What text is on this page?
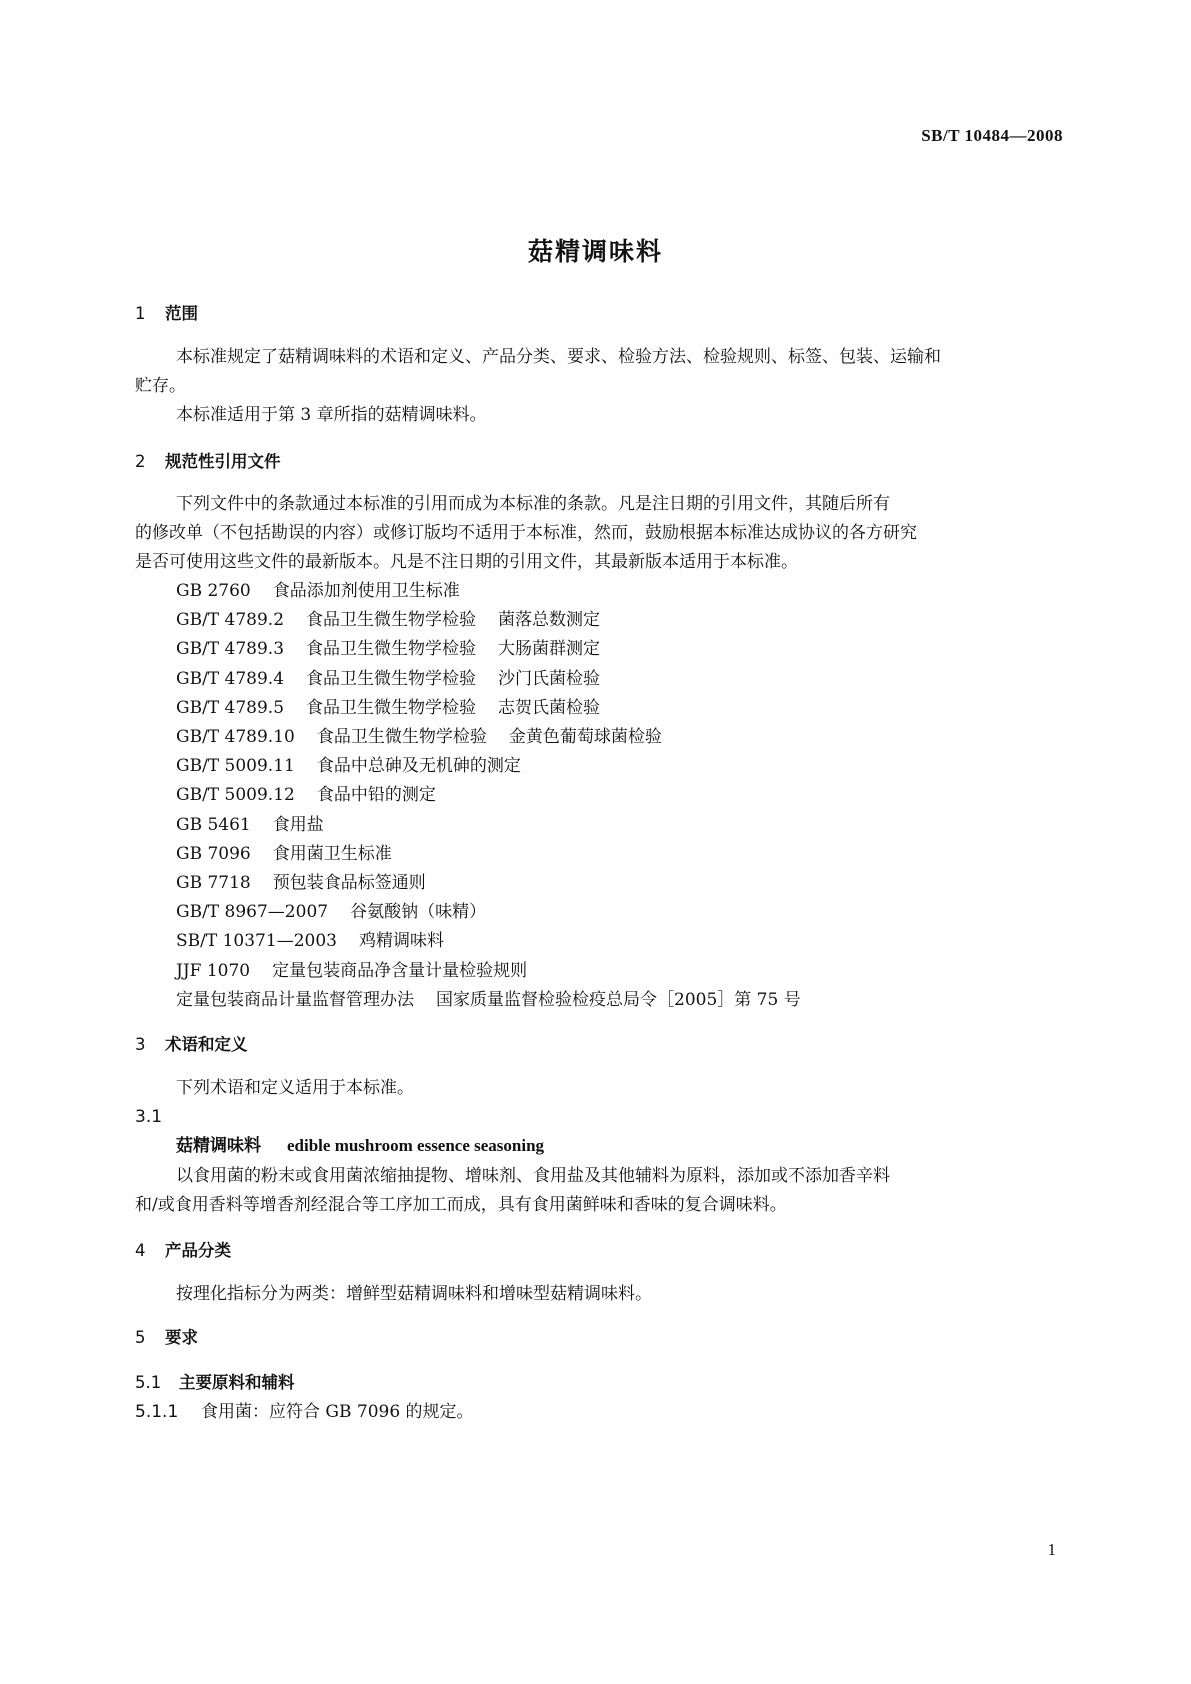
SB/T 10484—2008
菇精调味料
1 范围
本标准规定了菇精调味料的术语和定义、产品分类、要求、检验方法、检验规则、标签、包装、运输和
贮存。
本标准适用于第 3 章所指的菇精调味料。
2 规范性引用文件
下列文件中的条款通过本标准的引用而成为本标准的条款。凡是注日期的引用文件，其随后所有
的修改单（不包括勘误的内容）或修订版均不适用于本标准，然而，鼓励根据本标准达成协议的各方研究
是否可使用这些文件的最新版本。凡是不注日期的引用文件，其最新版本适用于本标准。
GB 2760 食品添加剂使用卫生标准
GB/T 4789.2 食品卫生微生物学检验 菌落总数测定
GB/T 4789.3 食品卫生微生物学检验 大肠菌群测定
GB/T 4789.4 食品卫生微生物学检验 沙门氏菌检验
GB/T 4789.5 食品卫生微生物学检验 志贺氏菌检验
GB/T 4789.10 食品卫生微生物学检验 金黄色葡萄球菌检验
GB/T 5009.11 食品中总砷及无机砷的测定
GB/T 5009.12 食品中铅的测定
GB 5461 食用盐
GB 7096 食用菌卫生标准
GB 7718 预包装食品标签通则
GB/T 8967—2007 谷氨酸钠（味精）
SB/T 10371—2003 鸡精调味料
JJF 1070 定量包装商品净含量计量检验规则
定量包装商品计量监督管理办法 国家质量监督检验检疫总局令［2005］第 75 号
3 术语和定义
下列术语和定义适用于本标准。
3.1
菇精调味料 edible mushroom essence seasoning
以食用菌的粉末或食用菌浓缩抽提物、增味剂、食用盐及其他辅料为原料，添加或不添加香辛料
和/或食用香料等增香剂经混合等工序加工而成，具有食用菌鲜味和香味的复合调味料。
4 产品分类
按理化指标分为两类：增鲜型菇精调味料和增味型菇精调味料。
5 要求
5.1 主要原料和辅料
5.1.1 食用菌：应符合 GB 7096 的规定。
1
